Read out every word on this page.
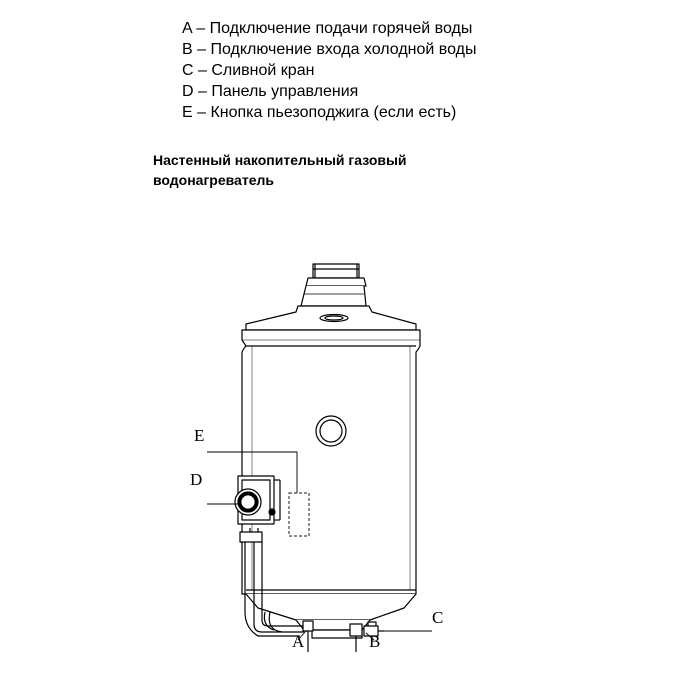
A – Подключение подачи горячей воды
B – Подключение входа холодной воды
C – Сливной кран
D – Панель управления
E – Кнопка пьезоподжига (если есть)
Настенный накопительный газовый водонагреватель
E
D
C
A	B
